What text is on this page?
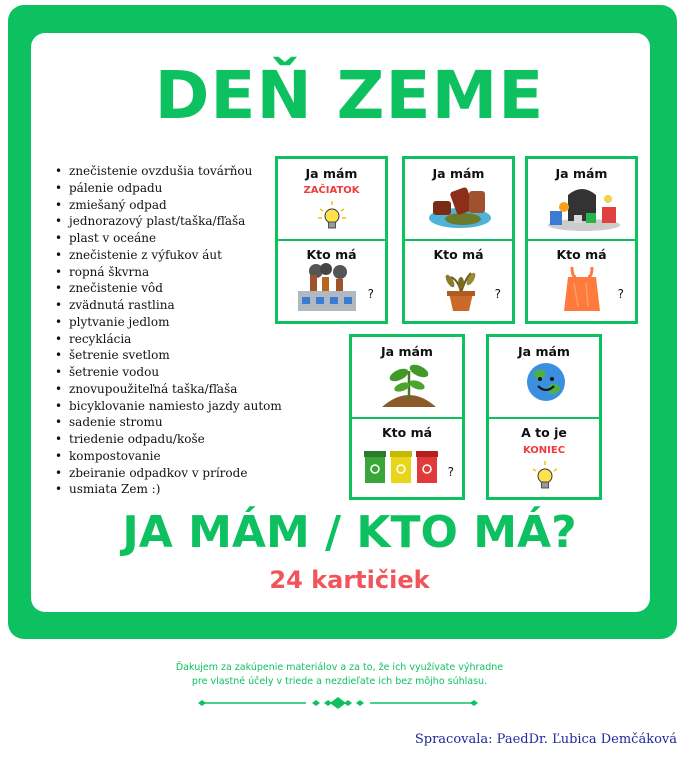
DEŇ ZEME
• znečistenie ovzdušia továrňou
• pálenie odpadu
• zmiešaný odpad
• jednorazový plast/taška/fľaša
• plast v oceáne
• znečistenie z výfukov áut
• ropná škvrna
• znečistenie vôd
• zvädnutá rastlina
• plytvanie jedlom
• recyklácia
• šetrenie svetlom
• šetrenie vodou
• znovupoužiteľná taška/fľaša
• bicyklovanie namiesto jazdy autom
• sadenie stromu
• triedenie odpadu/koše
• kompostovanie
• zbeiranie odpadkov v prírode
• usmiata Zem :)
Ja mám
ZAČIATOK
Kto má
?
Ja mám
Kto má
?
Ja mám
Kto má
?
Ja mám
Kto má
?
Ja mám
A to je
KONIEC
JA MÁM / KTO MÁ?
24 kartičiek
Ďakujem za zakúpenie materiálov a za to, že ich využívate výhradne
pre vlastné účely v triede a nezdieľate ich bez môjho súhlasu.
Spracovala: PaedDr. Ľubica Demčáková
